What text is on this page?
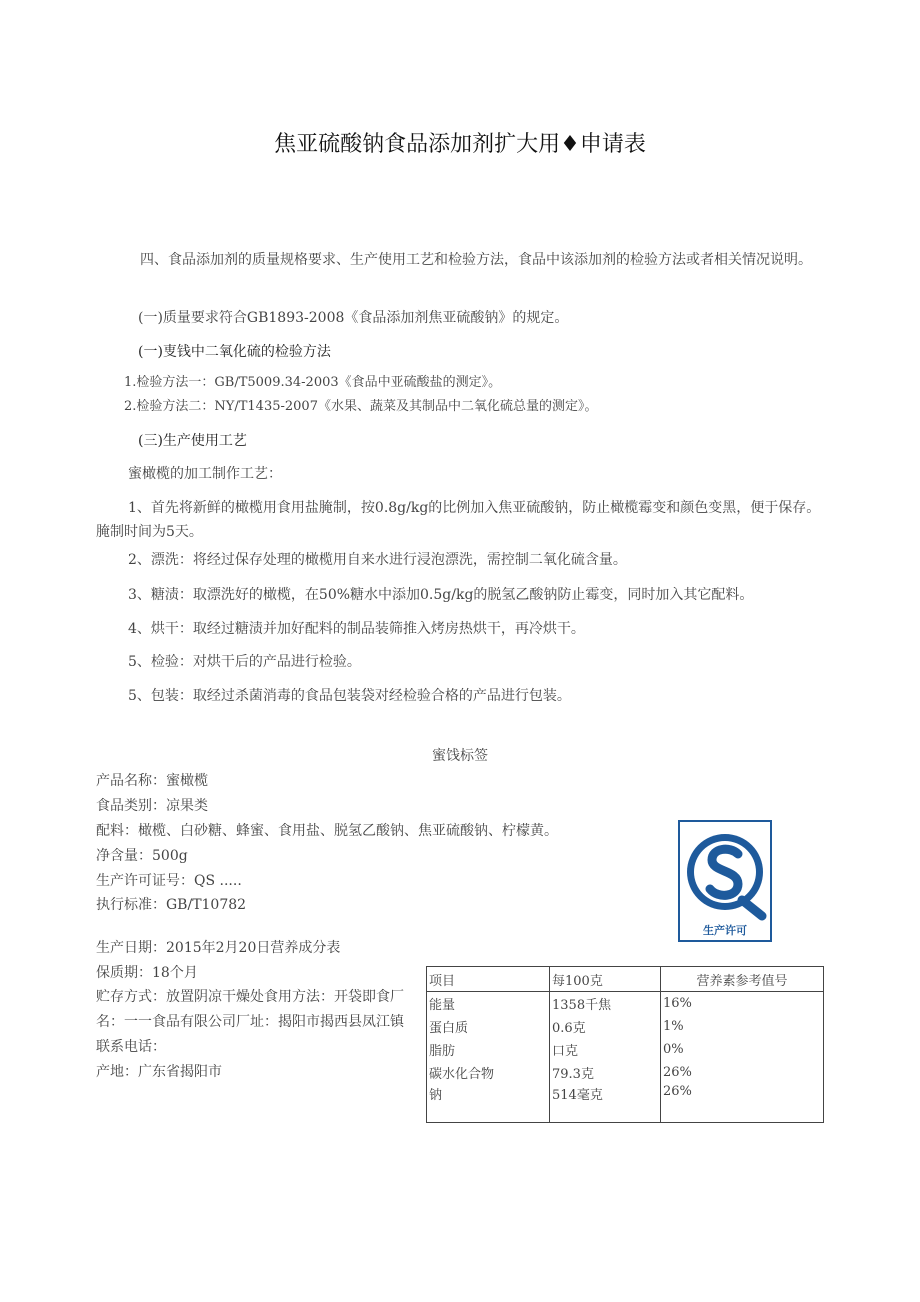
焦亚硫酸钠食品添加剂扩大用♦申请表
四、食品添加剂的质量规格要求、生产使用工艺和检验方法，食品中该添加剂的检验方法或者相关情况说明。
(一)质量要求符合GB1893-2008《食品添加剂焦亚硫酸钠》的规定。
(一)叓钱中二氧化硫的检验方法
1.检验方法一：GB/T5009.34-2003《食品中亚硫酸盐的测定》。
2.检验方法二：NY/T1435-2007《水果、蔬菜及其制品中二氧化硫总量的测定》。
(三)生产使用工艺
蜜橄榄的加工制作工艺：
1、首先将新鲜的橄榄用食用盐腌制，按0.8g/kg的比例加入焦亚硫酸钠，防止橄榄霉变和颜色变黑，便于保存。腌制时间为5天。
2、漂洗：将经过保存处理的橄榄用自来水进行浸泡漂洗，需控制二氧化硫含量。
3、糖渍：取漂洗好的橄榄，在50%糖水中添加0.5g/kg的脱氢乙酸钠防止霉变，同时加入其它配料。
4、烘干：取经过糖渍并加好配料的制品装筛推入烤房热烘干，再冷烘干。
5、检验：对烘干后的产品进行检验。
5、包装：取经过杀菌消毒的食品包装袋对经检验合格的产品进行包装。
蜜饯标签
产品名称：蜜橄榄
食品类别：凉果类
配料：橄榄、白砂糖、蜂蜜、食用盐、脱氢乙酸钠、焦亚硫酸钠、柠檬黄。
净含量：500g
生产许可证号：QS .....
执行标准：GB/T10782
生产日期：2015年2月20日营养成分表
保质期：18个月
贮存方式：放置阴凉干燥处食用方法：开袋即食厂名：一一食品有限公司厂址：揭阳市揭西县凤江镇联系电话：
产地：广东省揭阳市
生产许可
项目	每100克	营养素参考值号
能量	1358千焦	16%
蛋白质	0.6克	1%
脂肪	口克	0%
碳水化合物	79.3克	26%
钠	514毫克	26%
